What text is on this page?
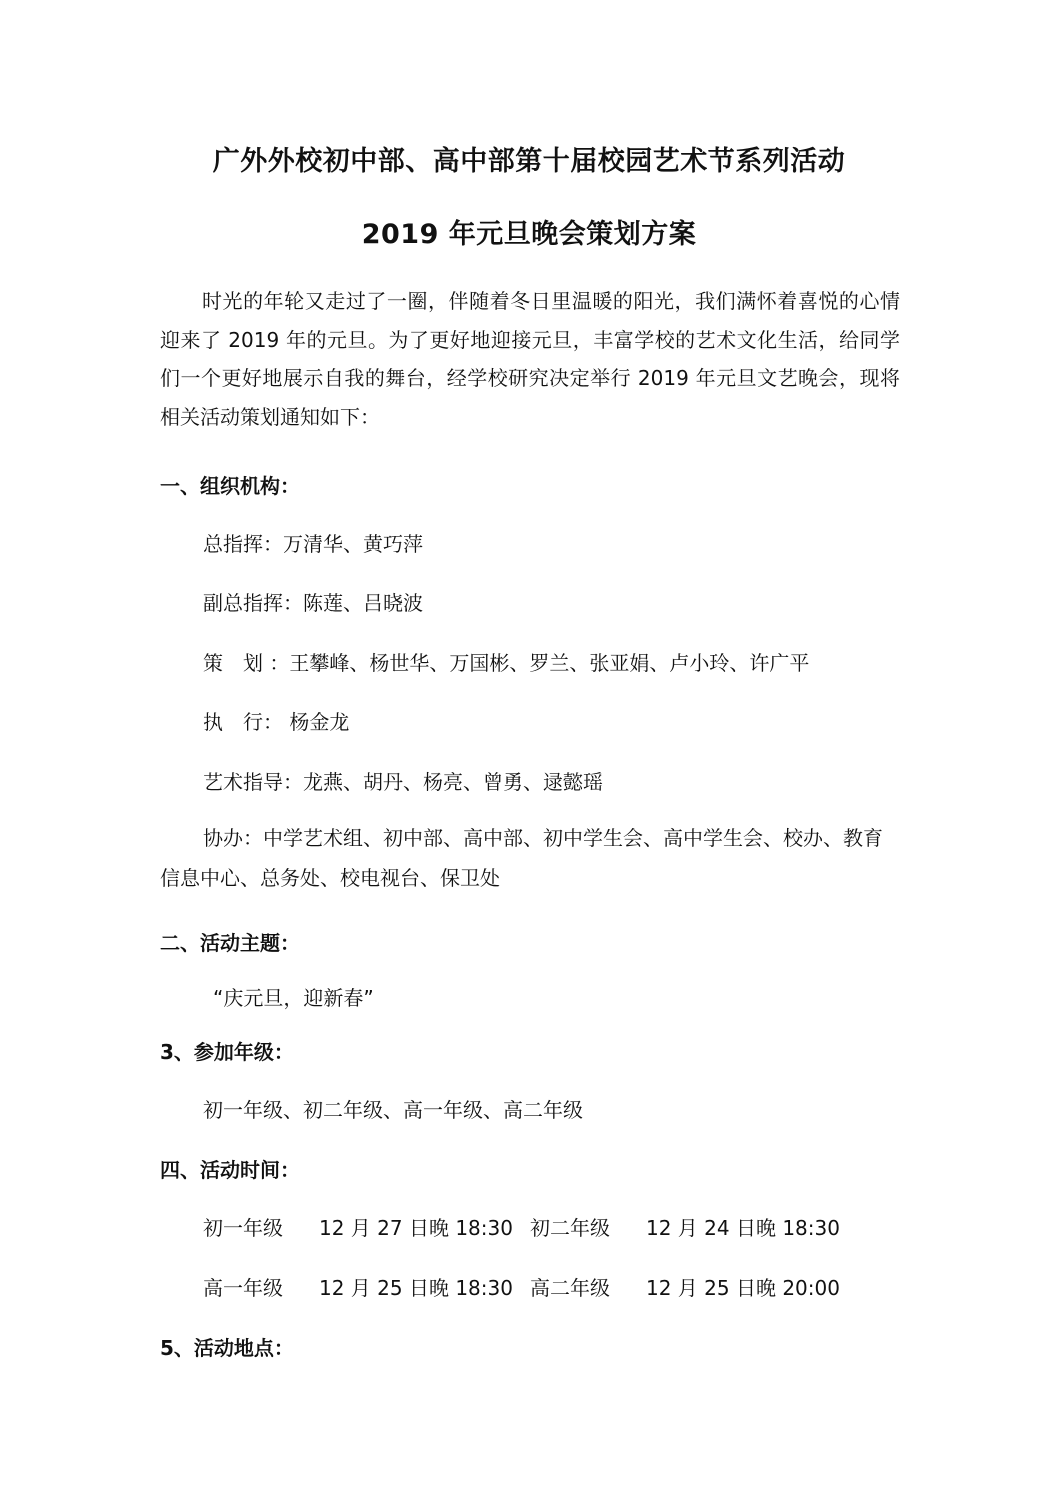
广外外校初中部、高中部第十届校园艺术节系列活动
2019 年元旦晚会策划方案
时光的年轮又走过了一圈，伴随着冬日里温暖的阳光，我们满怀着喜悦的心情迎来了 2019 年的元旦。为了更好地迎接元旦，丰富学校的艺术文化生活，给同学们一个更好地展示自我的舞台，经学校研究决定举行 2019 年元旦文艺晚会，现将相关活动策划通知如下：
一、组织机构：
总指挥：万清华、黄巧萍
副总指挥：陈莲、吕晓波
策　划 ：王攀峰、杨世华、万国彬、罗兰、张亚娟、卢小玲、许广平
执　行： 杨金龙
艺术指导：龙燕、胡丹、杨亮、曾勇、逯懿瑶
协办：中学艺术组、初中部、高中部、初中学生会、高中学生会、校办、教育信息中心、总务处、校电视台、保卫处
二、活动主题：
“庆元旦，迎新春”
3、参加年级：
初一年级、初二年级、高一年级、高二年级
四、活动时间：
初一年级 12 月 27 日晚 18:30 初二年级 12 月 24 日晚 18:30
高一年级 12 月 25 日晚 18:30 高二年级 12 月 25 日晚 20:00
5、活动地点：
